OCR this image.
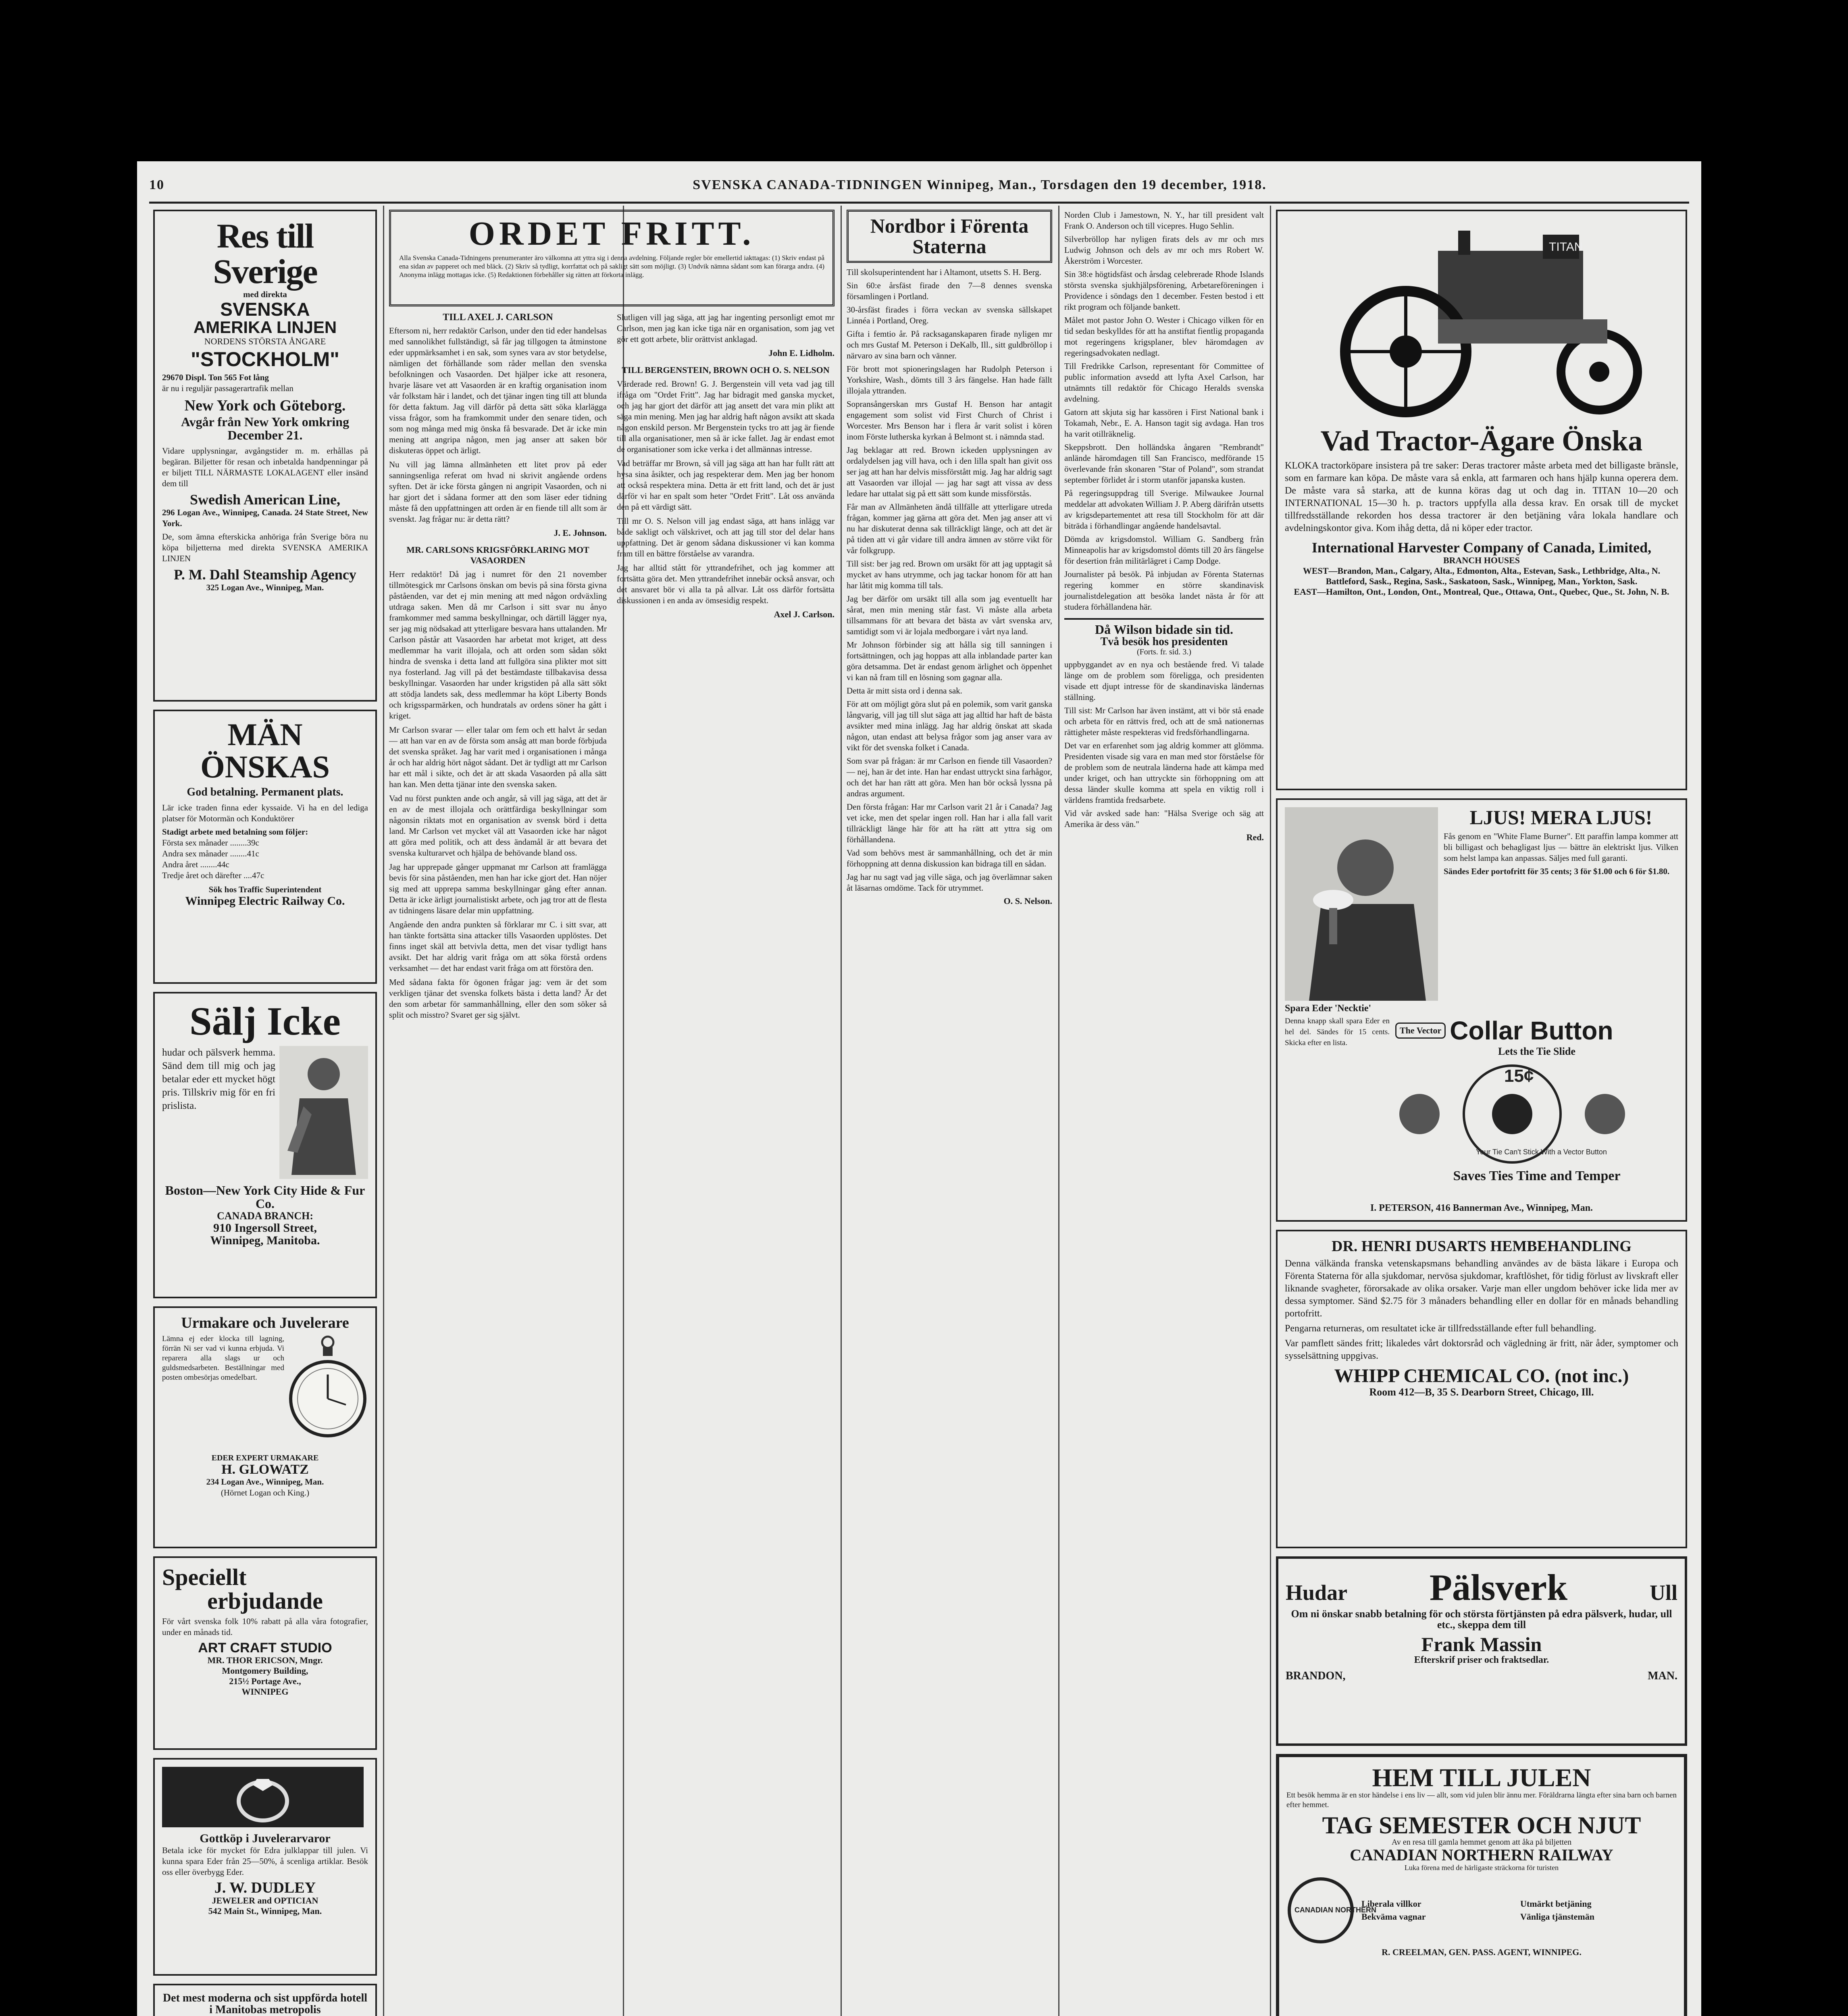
10	SVENSKA CANADA-TIDNINGEN Winnipeg, Man., Torsdagen den 19 december, 1918.
Res till Sverige
med direkta
SVENSKA
AMERIKA LINJEN
NORDENS STÖRSTA ÅNGARE
"STOCKHOLM"
29670 Displ. Ton 565 Fot lång
är nu i reguljär passagerartrafik mellan
New York och Göteborg.
Avgår från New York omkring December 21.
Vidare upplysningar, avgångstider m. m. erhållas på begäran. Biljetter för resan och inbetalda handpenningar på er biljett TILL NÄRMASTE LOKALAGENT eller insänd dem till
Swedish American Line,
296 Logan Ave., Winnipeg, Canada. 24 State Street, New York.
De, som ämna efterskicka anhöriga från Sverige böra nu köpa biljetterna med direkta SVENSKA AMERIKA LINJEN
P. M. Dahl Steamship Agency
325 Logan Ave., Winnipeg, Man.
MÄN ÖNSKAS
God betalning. Permanent plats.
Lär icke traden finna eder kyssaide. Vi ha en del lediga platser för Motormän och Konduktörer
Stadigt arbete med betalning som följer:
Första sex månader ........39c
Andra sex månader ........41c
Andra året ........44c
Tredje året och därefter ....47c
Sök hos Traffic Superintendent
Winnipeg Electric Railway Co.
Sälj Icke
hudar och pälsverk hemma. Sänd dem till mig och jag betalar eder ett mycket högt pris. Tillskriv mig för en fri prislista.
Boston—New York City Hide & Fur Co.
CANADA BRANCH:
910 Ingersoll Street,
Winnipeg, Manitoba.
Urmakare och Juvelerare
Lämna ej eder klocka till lagning, förrän Ni ser vad vi kunna erbjuda. Vi reparera alla slags ur och guldsmedsarbeten. Beställningar med posten ombesörjas omedelbart.
EDER EXPERT URMAKARE
H. GLOWATZ
234 Logan Ave., Winnipeg, Man.
(Hörnet Logan och King.)
Speciellt
erbjudande
För vårt svenska folk 10% rabatt på alla våra fotografier, under en månads tid.
ART CRAFT STUDIO
MR. THOR ERICSON, Mngr.
Montgomery Building,
215½ Portage Ave.,
WINNIPEG
Gottköp i Juvelerarvaror
Betala icke för mycket för Edra julklappar till julen. Vi kunna spara Eder från 25—50%, å scenliga artiklar. Besök oss eller överbygg Eder.
J. W. DUDLEY
JEWELER and OPTICIAN
542 Main St., Winnipeg, Man.
Det mest moderna och sist uppförda hotell i Manitobas metropolis
ORDET FRITT.
Alla Svenska Canada-Tidningens prenumeranter äro välkomna att yttra sig i denna avdelning. Följande regler bör emellertid iakttagas: (1) Skriv endast på ena sidan av papperet och med bläck. (2) Skriv så tydligt, korrfattat och på sakligt sätt som möjligt. (3) Undvik nämna sådant som kan förarga andra. (4) Anonyma inlägg mottagas icke. (5) Redaktionen förbehåller sig rätten att förkorta inlägg.
TILL AXEL J. CARLSON

Eftersom ni, herr redaktör Carlson, under den tid eder handelsas med sannolikhet fullständigt, så får jag tillgogen ta åtminstone eder uppmärksamhet i en sak, som synes vara av stor betydelse, nämligen det förhållande som råder mellan den svenska befolkningen och Vasaorden. Det hjälper icke att resonera, hvarje läsare vet att Vasaorden är en kraftig organisation inom vår folkstam här i landet, och det tjänar ingen ting till att blunda för detta faktum. Jag vill därför på detta sätt söka klarlägga vissa frågor, som ha framkommit under den senare tiden, och som nog många med mig önska få besvarade. Det är icke min mening att angripa någon, men jag anser att saken bör diskuteras öppet och ärligt.

Nu vill jag lämna allmänheten ett litet prov på eder sanningsenliga referat om hvad ni skrivit angående ordens syften. Det är icke första gången ni angripit Vasaorden, och ni har gjort det i sådana former att den som läser eder tidning måste få den uppfattningen att orden är en fiende till allt som är svenskt. Jag frågar nu: är detta rätt?

J. E. Johnson.
MR. CARLSONS KRIGSFÖRKLARING MOT VASAORDEN

Herr redaktör! Då jag i numret för den 21 november tillmötesgick mr Carlsons önskan om bevis på sina första givna påståenden, var det ej min mening att med någon ordväxling utdraga saken. Men då mr Carlson i sitt svar nu ånyo framkommer med samma beskyllningar, och därtill lägger nya, ser jag mig nödsakad att ytterligare besvara hans uttalanden. Mr Carlson påstår att Vasaorden har arbetat mot kriget, att dess medlemmar ha varit illojala, och att orden som sådan sökt hindra de svenska i detta land att fullgöra sina plikter mot sitt nya fosterland. Jag vill på det bestämdaste tillbakavisa dessa beskyllningar. Vasaorden har under krigstiden på alla sätt sökt att stödja landets sak, dess medlemmar ha köpt Liberty Bonds och krigssparmärken, och hundratals av ordens söner ha gått i kriget.

Mr Carlson svarar — eller talar om fem och ett halvt år sedan — att han var en av de första som ansåg att man borde förbjuda det svenska språket. Jag har varit med i organisationen i många år och har aldrig hört något sådant. Det är tydligt att mr Carlson har ett mål i sikte, och det är att skada Vasaorden på alla sätt han kan. Men detta tjänar inte den svenska saken.

Vad nu först punkten ande och angår, så vill jag säga, att det är en av de mest illojala och orättfärdiga beskyllningar som någonsin riktats mot en organisation av svensk börd i detta land. Mr Carlson vet mycket väl att Vasaorden icke har något att göra med politik, och att dess ändamål är att bevara det svenska kulturarvet och hjälpa de behövande bland oss.

Jag har upprepade gånger uppmanat mr Carlson att framlägga bevis för sina påståenden, men han har icke gjort det. Han nöjer sig med att upprepa samma beskyllningar gång efter annan. Detta är icke ärligt journalistiskt arbete, och jag tror att de flesta av tidningens läsare delar min uppfattning.

Angående den andra punkten så förklarar mr C. i sitt svar, att han tänkte fortsätta sina attacker tills Vasaorden upplöstes. Det finns inget skäl att betvivla detta, men det visar tydligt hans avsikt. Det har aldrig varit fråga om att söka förstå ordens verksamhet — det har endast varit fråga om att förstöra den.

Med sådana fakta för ögonen frågar jag: vem är det som verkligen tjänar det svenska folkets bästa i detta land? Är det den som arbetar för sammanhållning, eller den som söker så split och misstro? Svaret ger sig självt.

Slutligen vill jag säga, att jag har ingenting personligt emot mr Carlson, men jag kan icke tiga när en organisation, som jag vet gör ett gott arbete, blir orättvist anklagad.

John E. Lidholm.
TILL BERGENSTEIN, BROWN OCH O. S. NELSON

Värderade red. Brown! G. J. Bergenstein vill veta vad jag till ifråga om "Ordet Fritt". Jag har bidragit med ganska mycket, och jag har gjort det därför att jag ansett det vara min plikt att säga min mening. Men jag har aldrig haft någon avsikt att skada någon enskild person. Mr Bergenstein tycks tro att jag är fiende till alla organisationer, men så är icke fallet. Jag är endast emot de organisationer som icke verka i det allmännas intresse.

Vad beträffar mr Brown, så vill jag säga att han har fullt rätt att hysa sina åsikter, och jag respekterar dem. Men jag ber honom att också respektera mina. Detta är ett fritt land, och det är just därför vi har en spalt som heter "Ordet Fritt". Låt oss använda den på ett värdigt sätt.

Till mr O. S. Nelson vill jag endast säga, att hans inlägg var både sakligt och välskrivet, och att jag till stor del delar hans uppfattning. Det är genom sådana diskussioner vi kan komma fram till en bättre förståelse av varandra.

Jag har alltid stått för yttrandefrihet, och jag kommer att fortsätta göra det. Men yttrandefrihet innebär också ansvar, och det ansvaret bör vi alla ta på allvar. Låt oss därför fortsätta diskussionen i en anda av ömsesidig respekt.

Axel J. Carlson.
Nordbor i Förenta Staterna

Till skolsuperintendent har i Altamont, utsetts S. H. Berg.

Sin 60:e årsfäst firade den 7—8 dennes svenska församlingen i Portland.

30-årsfäst firades i förra veckan av svenska sällskapet Linnéa i Portland, Oreg.

Gifta i femtio år. På racksaganskaparen firade nyligen mr och mrs Gustaf M. Peterson i DeKalb, Ill., sitt guldbröllop i närvaro av sina barn och vänner.

För brott mot spioneringslagen har Rudolph Peterson i Yorkshire, Wash., dömts till 3 års fängelse. Han hade fällt illojala yttranden.

Sopransångerskan mrs Gustaf H. Benson har antagit engagement som solist vid First Church of Christ i Worcester. Mrs Benson har i flera år varit solist i kören inom Förste lutherska kyrkan å Belmont st. i nämnda stad.

Jag beklagar att red. Brown ickeden upplysningen av ordalydelsen jag vill hava, och i den lilla spalt han givit oss ser jag att han har delvis missförstått mig. Jag har aldrig sagt att Vasaorden var illojal — jag har sagt att vissa av dess ledare har uttalat sig på ett sätt som kunde missförstås.

Får man av Allmänheten ändå tillfälle att ytterligare utreda frågan, kommer jag gärna att göra det. Men jag anser att vi nu har diskuterat denna sak tillräckligt länge, och att det är på tiden att vi går vidare till andra ämnen av större vikt för vår folkgrupp.

Till sist: ber jag red. Brown om ursäkt för att jag upptagit så mycket av hans utrymme, och jag tackar honom för att han har låtit mig komma till tals.

Jag ber därför om ursäkt till alla som jag eventuellt har sårat, men min mening står fast. Vi måste alla arbeta tillsammans för att bevara det bästa av vårt svenska arv, samtidigt som vi är lojala medborgare i vårt nya land.

Mr Johnson förbinder sig att hålla sig till sanningen i fortsättningen, och jag hoppas att alla inblandade parter kan göra detsamma. Det är endast genom ärlighet och öppenhet vi kan nå fram till en lösning som gagnar alla.

Detta är mitt sista ord i denna sak.

För att om möjligt göra slut på en polemik, som varit ganska långvarig, vill jag till slut säga att jag alltid har haft de bästa avsikter med mina inlägg. Jag har aldrig önskat att skada någon, utan endast att belysa frågor som jag anser vara av vikt för det svenska folket i Canada.

Som svar på frågan: är mr Carlson en fiende till Vasaorden? — nej, han är det inte. Han har endast uttryckt sina farhågor, och det har han rätt att göra. Men han bör också lyssna på andras argument.

Den första frågan: Har mr Carlson varit 21 år i Canada? Jag vet icke, men det spelar ingen roll. Han har i alla fall varit tillräckligt länge här för att ha rätt att yttra sig om förhållandena.

Vad som behövs mest är sammanhållning, och det är min förhoppning att denna diskussion kan bidraga till en sådan.

Jag har nu sagt vad jag ville säga, och jag överlämnar saken åt läsarnas omdöme. Tack för utrymmet.

O. S. Nelson.

Norden Club i Jamestown, N. Y., har till president valt Frank O. Anderson och till vicepres. Hugo Sehlin.

Silverbröllop har nyligen firats dels av mr och mrs Ludwig Johnson och dels av mr och mrs Robert W. Åkerström i Worcester.

Sin 38:e högtidsfäst och årsdag celebrerade Rhode Islands största svenska sjukhjälpsförening, Arbetareföreningen i Providence i söndags den 1 december. Festen bestod i ett rikt program och följande bankett.

Målet mot pastor John O. Wester i Chicago vilken för en tid sedan beskylldes för att ha anstiftat fientlig propaganda mot regeringens krigsplaner, blev häromdagen av regeringsadvokaten nedlagt.

Till Fredrikke Carlson, representant för Committee of public information avsedd att lyfta Axel Carlson, har utnämnts till redaktör för Chicago Heralds svenska avdelning.

Gatorn att skjuta sig har kassören i First National bank i Tokamah, Nebr., E. A. Hanson tagit sig avdaga. Han tros ha varit otillräknelig.

Skeppsbrott. Den holländska ångaren "Rembrandt" anlände häromdagen till San Francisco, medförande 15 överlevande från skonaren "Star of Poland", som strandat september förlidet år i storm utanför japanska kusten.

På regeringsuppdrag till Sverige. Milwaukee Journal meddelar att advokaten William J. P. Aberg därifrån utsetts av krigsdepartementet att resa till Stockholm för att där biträda i förhandlingar angående handelsavtal.

Dömda av krigsdomstol. William G. Sandberg från Minneapolis har av krigsdomstol dömts till 20 års fängelse för desertion från militärlägret i Camp Dodge.

Journalister på besök. På inbjudan av Förenta Staternas regering kommer en större skandinavisk journalistdelegation att besöka landet nästa år för att studera förhållandena här.

Då Wilson bidade sin tid.
Två besök hos presidenten
(Forts. fr. sid. 3.)

uppbyggandet av en nya och bestående fred. Vi talade länge om de problem som föreligga, och presidenten visade ett djupt intresse för de skandinaviska ländernas ställning.

Till sist: Mr Carlson har även instämt, att vi bör stå enade och arbeta för en rättvis fred, och att de små nationernas rättigheter måste respekteras vid fredsförhandlingarna.

Det var en erfarenhet som jag aldrig kommer att glömma. Presidenten visade sig vara en man med stor förståelse för de problem som de neutrala länderna hade att kämpa med under kriget, och han uttryckte sin förhoppning om att dessa länder skulle komma att spela en viktig roll i världens framtida fredsarbete.

Vid vår avsked sade han: "Hälsa Sverige och säg att Amerika är dess vän."

Red.
TITAN
Vad Tractor-Ägare Önska
KLOKA tractorköpare insistera på tre saker: Deras tractorer måste arbeta med det billigaste bränsle, som en farmare kan köpa. De måste vara så enkla, att farmaren och hans hjälp kunna operera dem. De måste vara så starka, att de kunna köras dag ut och dag in. TITAN 10—20 och INTERNATIONAL 15—30 h. p. tractors uppfylla alla dessa krav. En orsak till de mycket tillfredsställande rekorden hos dessa tractorer är den betjäning våra lokala handlare och avdelningskontor giva. Kom ihåg detta, då ni köper eder tractor.
International Harvester Company of Canada, Limited,
BRANCH HOUSES
WEST—Brandon, Man., Calgary, Alta., Edmonton, Alta., Estevan, Sask., Lethbridge, Alta., N. Battleford, Sask., Regina, Sask., Saskatoon, Sask., Winnipeg, Man., Yorkton, Sask.
EAST—Hamilton, Ont., London, Ont., Montreal, Que., Ottawa, Ont., Quebec, Que., St. John, N. B.
LJUS! MERA LJUS!
Fås genom en "White Flame Burner". Ett paraffin lampa kommer att bli billigast och behagligast ljus — bättre än elektriskt ljus. Vilken som helst lampa kan anpassas. Säljes med full garanti.
Sändes Eder portofritt för 35 cents; 3 för $1.00 och 6 för $1.80.
Spara Eder 'Necktie'
Denna knapp skall spara Eder en hel del. Sändes för 15 cents. Skicka efter en lista.
The Vector Collar Button
Lets the Tie Slide
15¢
Your Tie Can't Stick With a Vector Button
Saves Ties Time and Temper
I. PETERSON, 416 Bannerman Ave., Winnipeg, Man.
DR. HENRI DUSARTS HEMBEHANDLING
Denna välkända franska vetenskapsmans behandling användes av de bästa läkare i Europa och Förenta Staterna för alla sjukdomar, nervösa sjukdomar, kraftlöshet, för tidig förlust av livskraft eller liknande svagheter, förorsakade av olika orsaker. Varje man eller ungdom behöver icke lida mer av dessa symptomer. Sänd $2.75 för 3 månaders behandling eller en dollar för en månads behandling portofritt.
Pengarna returneras, om resultatet icke är tillfredsställande efter full behandling.
Var pamflett sändes fritt; likaledes vårt doktorsråd och vägledning är fritt, när åder, symptomer och sysselsättning uppgivas.
WHIPP CHEMICAL CO. (not inc.)
Room 412—B, 35 S. Dearborn Street, Chicago, Ill.
Hudar Pälsverk	Ull
Om ni önskar snabb betalning för och största förtjänsten på edra pälsverk, hudar, ull etc., skeppa dem till
Frank Massin
Efterskrif priser och fraktsedlar.
BRANDON,	MAN.
HEM TILL JULEN
Ett besök hemma är en stor händelse i ens liv — allt, som vid julen blir ännu mer. Föräldrarna längta efter sina barn och barnen efter hemmet.
TAG SEMESTER OCH NJUT
Av en resa till gamla hemmet genom att åka på biljetten
CANADIAN NORTHERN RAILWAY
Luka förena med de härligaste sträckorna för turisten
CANADIAN NORTHERN
Liberala villkor	Utmärkt betjäning
Bekväma vagnar	Vänliga tjänstemän
R. CREELMAN, GEN. PASS. AGENT, WINNIPEG.
